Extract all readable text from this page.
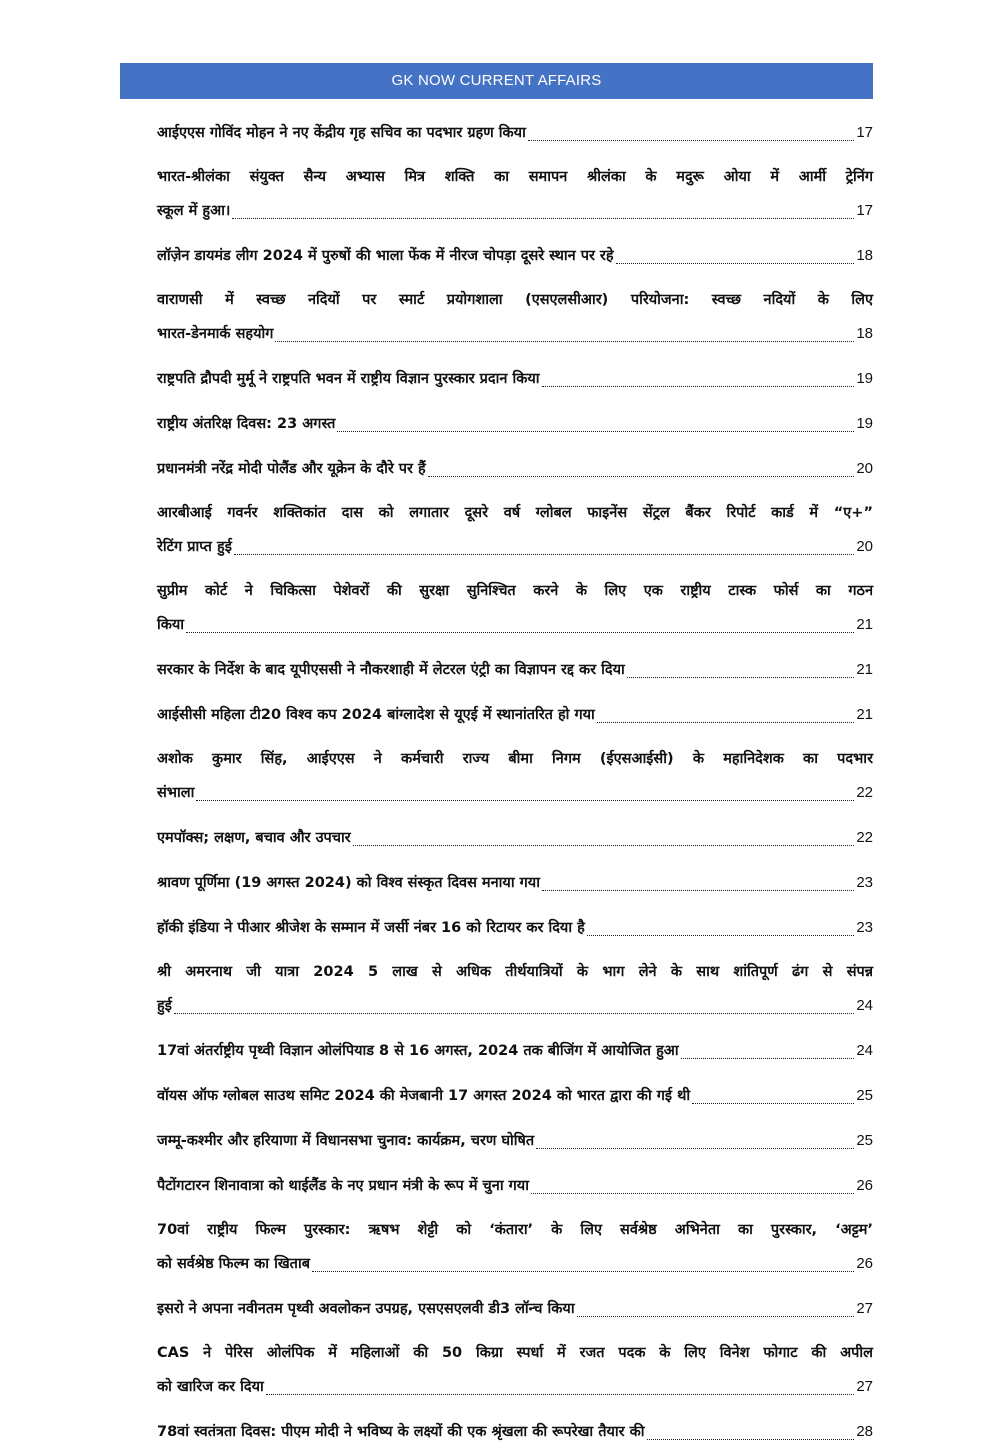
GK NOW CURRENT AFFAIRS
आईएएस गोविंद मोहन ने नए केंद्रीय गृह सचिव का पदभार ग्रहण किया	17
भारत-श्रीलंका संयुक्त सैन्य अभ्यास मित्र शक्ति का समापन श्रीलंका के मदुरू ओया में आर्मी ट्रेनिंग
स्कूल में हुआ।	17
लॉज़ेन डायमंड लीग 2024 में पुरुषों की भाला फेंक में नीरज चोपड़ा दूसरे स्थान पर रहे	18
वाराणसी में स्वच्छ नदियों पर स्मार्ट प्रयोगशाला (एसएलसीआर) परियोजना: स्वच्छ नदियों के लिए
भारत-डेनमार्क सहयोग	18
राष्ट्रपति द्रौपदी मुर्मू ने राष्ट्रपति भवन में राष्ट्रीय विज्ञान पुरस्कार प्रदान किया	19
राष्ट्रीय अंतरिक्ष दिवस: 23 अगस्त	19
प्रधानमंत्री नरेंद्र मोदी पोलैंड और यूक्रेन के दौरे पर हैं	20
आरबीआई गवर्नर शक्तिकांत दास को लगातार दूसरे वर्ष ग्लोबल फाइनेंस सेंट्रल बैंकर रिपोर्ट कार्ड में “ए+”
रेटिंग प्राप्त हुई	20
सुप्रीम कोर्ट ने चिकित्सा पेशेवरों की सुरक्षा सुनिश्चित करने के लिए एक राष्ट्रीय टास्क फोर्स का गठन
किया	21
सरकार के निर्देश के बाद यूपीएससी ने नौकरशाही में लेटरल एंट्री का विज्ञापन रद्द कर दिया	21
आईसीसी महिला टी20 विश्व कप 2024 बांग्लादेश से यूएई में स्थानांतरित हो गया	21
अशोक कुमार सिंह, आईएएस ने कर्मचारी राज्य बीमा निगम (ईएसआईसी) के महानिदेशक का पदभार
संभाला	22
एमपॉक्स; लक्षण, बचाव और उपचार	22
श्रावण पूर्णिमा (19 अगस्त 2024) को विश्व संस्कृत दिवस मनाया गया	23
हॉकी इंडिया ने पीआर श्रीजेश के सम्मान में जर्सी नंबर 16 को रिटायर कर दिया है	23
श्री अमरनाथ जी यात्रा 2024 5 लाख से अधिक तीर्थयात्रियों के भाग लेने के साथ शांतिपूर्ण ढंग से संपन्न
हुई	24
17वां अंतर्राष्ट्रीय पृथ्वी विज्ञान ओलंपियाड 8 से 16 अगस्त, 2024 तक बीजिंग में आयोजित हुआ	24
वॉयस ऑफ ग्लोबल साउथ समिट 2024 की मेजबानी 17 अगस्त 2024 को भारत द्वारा की गई थी	25
जम्मू-कश्मीर और हरियाणा में विधानसभा चुनाव: कार्यक्रम, चरण घोषित	25
पैटोंगटारन शिनावात्रा को थाईलैंड के नए प्रधान मंत्री के रूप में चुना गया	26
70वां राष्ट्रीय फिल्म पुरस्कार: ऋषभ शेट्टी को ‘कंतारा’ के लिए सर्वश्रेष्ठ अभिनेता का पुरस्कार, ‘अट्टम’
को सर्वश्रेष्ठ फिल्म का खिताब	26
इसरो ने अपना नवीनतम पृथ्वी अवलोकन उपग्रह, एसएसएलवी डी3 लॉन्च किया	27
CAS ने पेरिस ओलंपिक में महिलाओं की 50 किग्रा स्पर्धा में रजत पदक के लिए विनेश फोगाट की अपील
को खारिज कर दिया	27
78वां स्वतंत्रता दिवस: पीएम मोदी ने भविष्य के लक्ष्यों की एक श्रृंखला की रूपरेखा तैयार की	28
